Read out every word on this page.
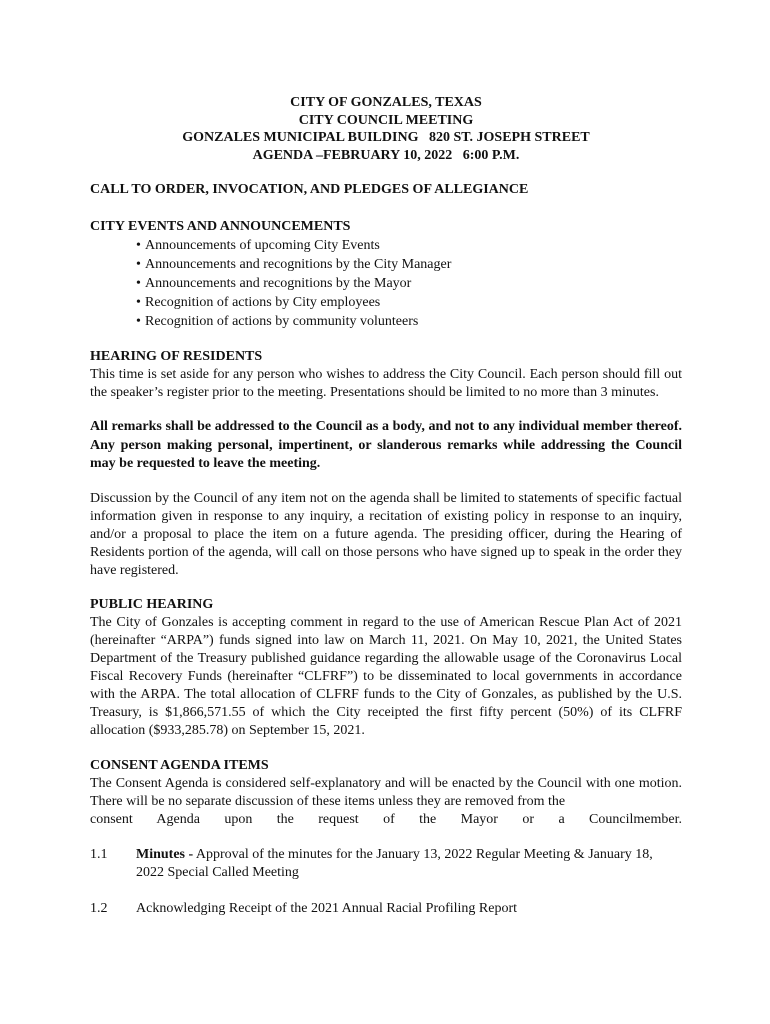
CITY OF GONZALES, TEXAS
CITY COUNCIL MEETING
GONZALES MUNICIPAL BUILDING   820 ST. JOSEPH STREET
AGENDA –FEBRUARY 10, 2022   6:00 P.M.
CALL TO ORDER, INVOCATION, AND PLEDGES OF ALLEGIANCE
CITY EVENTS AND ANNOUNCEMENTS
• Announcements of upcoming City Events
• Announcements and recognitions by the City Manager
• Announcements and recognitions by the Mayor
• Recognition of actions by City employees
• Recognition of actions by community volunteers
HEARING OF RESIDENTS

This time is set aside for any person who wishes to address the City Council. Each person should fill out the speaker’s register prior to the meeting. Presentations should be limited to no more than 3 minutes.

All remarks shall be addressed to the Council as a body, and not to any individual member thereof. Any person making personal, impertinent, or slanderous remarks while addressing the Council may be requested to leave the meeting.

Discussion by the Council of any item not on the agenda shall be limited to statements of specific factual information given in response to any inquiry, a recitation of existing policy in response to an inquiry, and/or a proposal to place the item on a future agenda. The presiding officer, during the Hearing of Residents portion of the agenda, will call on those persons who have signed up to speak in the order they have registered.

PUBLIC HEARING

The City of Gonzales is accepting comment in regard to the use of American Rescue Plan Act of 2021 (hereinafter “ARPA”) funds signed into law on March 11, 2021. On May 10, 2021, the United States Department of the Treasury published guidance regarding the allowable usage of the Coronavirus Local Fiscal Recovery Funds (hereinafter “CLFRF”) to be disseminated to local governments in accordance with the ARPA. The total allocation of CLFRF funds to the City of Gonzales, as published by the U.S. Treasury, is $1,866,571.55 of which the City receipted the first fifty percent (50%) of its CLFRF allocation ($933,285.78) on September 15, 2021.

CONSENT AGENDA ITEMS

The Consent Agenda is considered self-explanatory and will be enacted by the Council with one motion. There will be no separate discussion of these items unless they are removed from the

consent Agenda upon the request of the Mayor or a Councilmember.

1.1	Minutes - Approval of the minutes for the January 13, 2022 Regular Meeting & January 18, 2022 Special Called Meeting
1.2	Acknowledging Receipt of the 2021 Annual Racial Profiling Report
